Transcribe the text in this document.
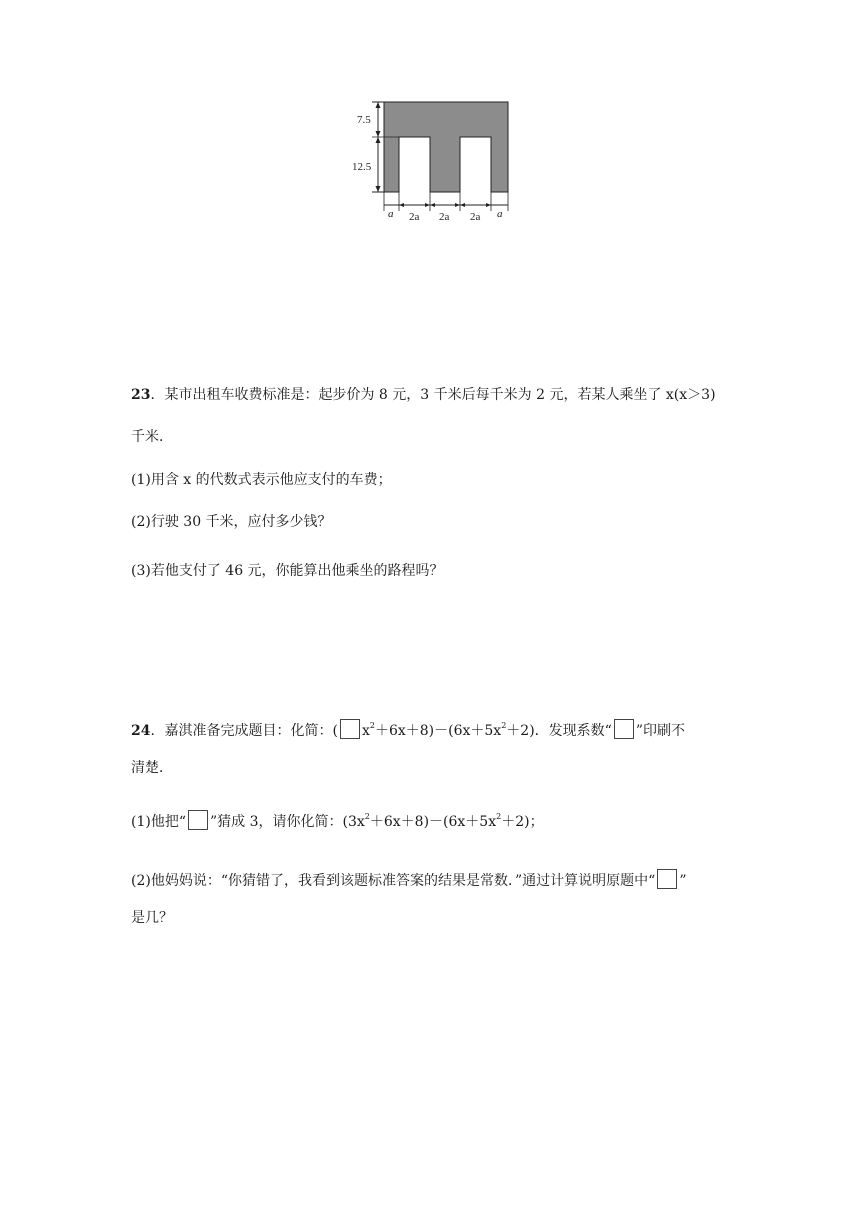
7.5
12.5
a 2a 2a 2a a
23．某市出租车收费标准是：起步价为 8 元，3 千米后每千米为 2 元，若某人乘坐了 x(x＞3)
千米．
(1)用含 x 的代数式表示他应支付的车费；
(2)行驶 30 千米，应付多少钱？
(3)若他支付了 46 元，你能算出他乘坐的路程吗？
24．嘉淇准备完成题目：化简：( $x^2+6x+8)-(6x+5x^2+2)$．发现系数“ ”印刷不
清楚．
(1)他把“ ”猜成 3，请你化简：$(3x^2+6x+8)-(6x+5x^2+2)$；
(2)他妈妈说：“你猜错了，我看到该题标准答案的结果是常数．”通过计算说明原题中“ ”
是几？
